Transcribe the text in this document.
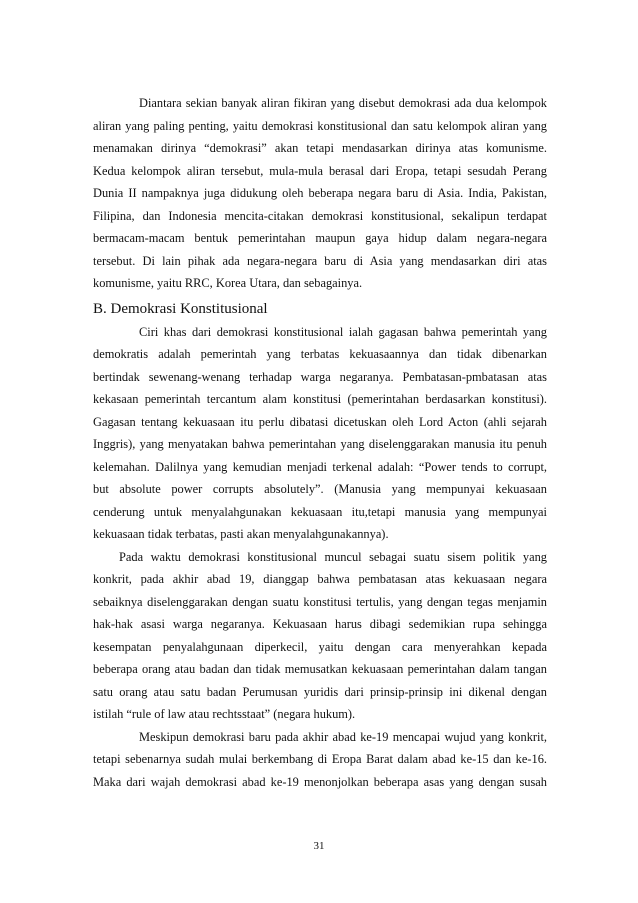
Diantara sekian banyak aliran fikiran yang disebut demokrasi ada dua kelompok
aliran yang paling penting, yaitu demokrasi konstitusional dan satu kelompok aliran yang
menamakan dirinya “demokrasi” akan tetapi mendasarkan dirinya atas komunisme.
Kedua kelompok aliran tersebut, mula-mula berasal dari Eropa, tetapi sesudah Perang
Dunia II nampaknya juga didukung oleh beberapa negara baru di Asia. India, Pakistan,
Filipina, dan Indonesia mencita-citakan demokrasi konstitusional, sekalipun terdapat
bermacam-macam bentuk pemerintahan maupun gaya hidup dalam negara-negara
tersebut. Di lain pihak ada negara-negara baru di Asia yang mendasarkan diri atas
komunisme, yaitu RRC, Korea Utara, dan sebagainya.

B. Demokrasi Konstitusional

Ciri khas dari demokrasi konstitusional ialah gagasan bahwa pemerintah yang
demokratis adalah pemerintah yang terbatas kekuasaannya dan tidak dibenarkan
bertindak sewenang-wenang terhadap warga negaranya. Pembatasan-pmbatasan atas
kekasaan pemerintah tercantum alam konstitusi (pemerintahan berdasarkan konstitusi).
Gagasan tentang kekuasaan itu perlu dibatasi dicetuskan oleh Lord Acton (ahli sejarah
Inggris), yang menyatakan bahwa pemerintahan yang diselenggarakan manusia itu penuh
kelemahan. Dalilnya yang kemudian menjadi terkenal adalah: “Power tends to corrupt,
but absolute power corrupts absolutely”. (Manusia yang mempunyai kekuasaan
cenderung untuk menyalahgunakan kekuasaan itu,tetapi manusia yang mempunyai
kekuasaan tidak terbatas, pasti akan menyalahgunakannya).

Pada waktu demokrasi konstitusional muncul sebagai suatu sisem politik yang
konkrit, pada akhir abad 19, dianggap bahwa pembatasan atas kekuasaan negara
sebaiknya diselenggarakan dengan suatu konstitusi tertulis, yang dengan tegas menjamin
hak-hak asasi warga negaranya. Kekuasaan harus dibagi sedemikian rupa sehingga
kesempatan penyalahgunaan diperkecil, yaitu dengan cara menyerahkan kepada
beberapa orang atau badan dan tidak memusatkan kekuasaan pemerintahan dalam tangan
satu orang atau satu badan Perumusan yuridis dari prinsip-prinsip ini dikenal dengan
istilah “rule of law atau rechtsstaat” (negara hukum).

Meskipun demokrasi baru pada akhir abad ke-19 mencapai wujud yang konkrit,
tetapi sebenarnya sudah mulai berkembang di Eropa Barat dalam abad ke-15 dan ke-16.
Maka dari wajah demokrasi abad ke-19 menonjolkan beberapa asas yang dengan susah

31
